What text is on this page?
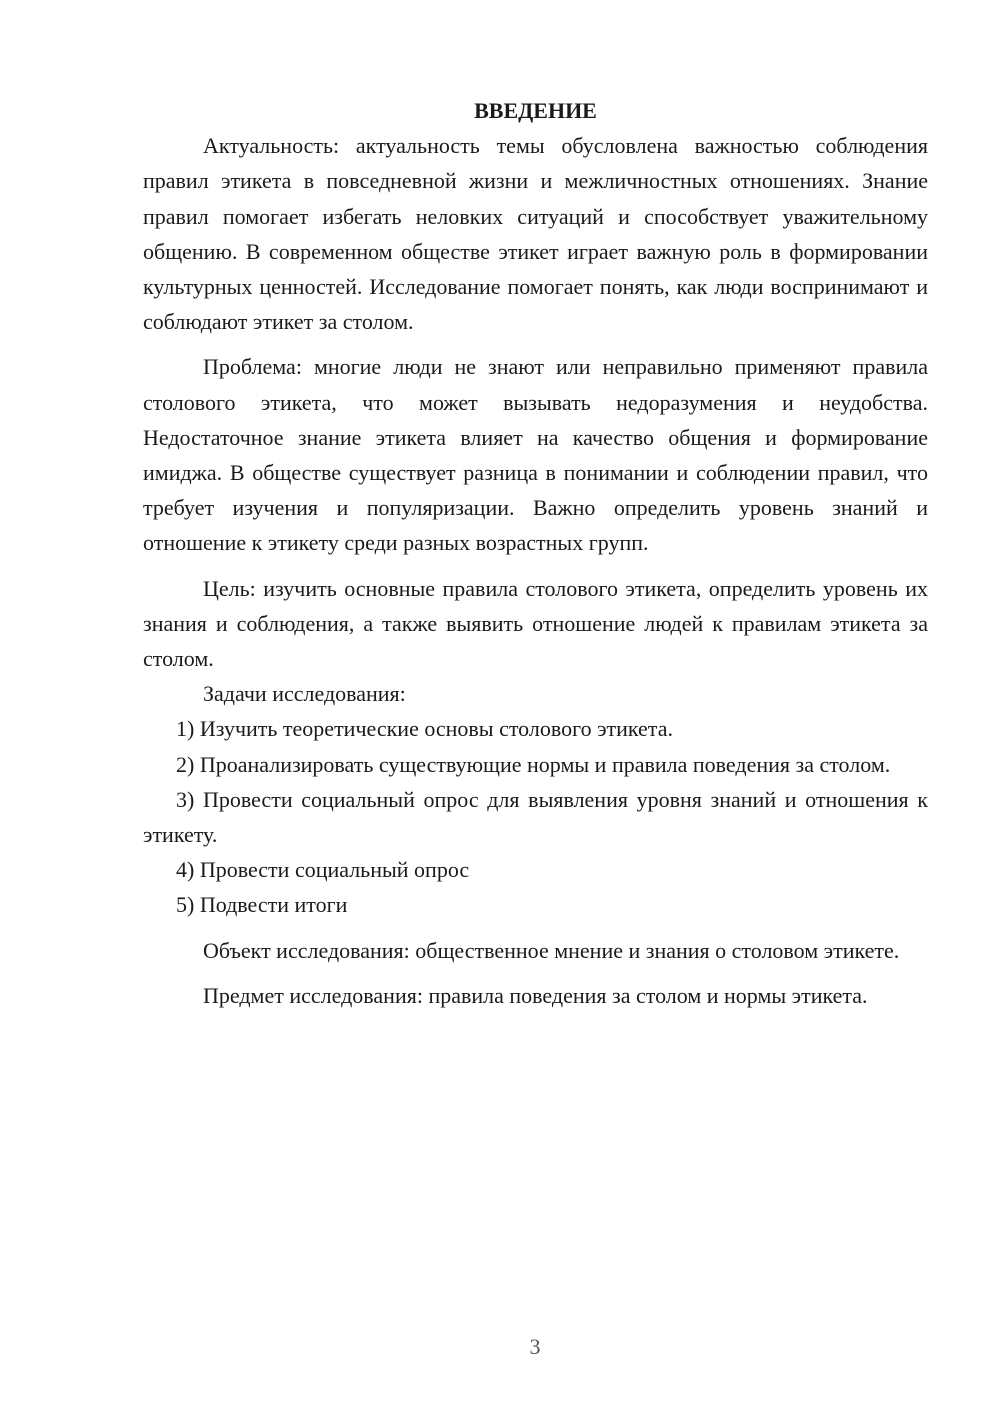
ВВЕДЕНИЕ

Актуальность: актуальность темы обусловлена важностью соблюдения правил этикета в повседневной жизни и межличностных отношениях. Знание правил помогает избегать неловких ситуаций и способствует уважительному общению. В современном обществе этикет играет важную роль в формировании культурных ценностей. Исследование помогает понять, как люди воспринимают и соблюдают этикет за столом.

Проблема: многие люди не знают или неправильно применяют правила столового этикета, что может вызывать недоразумения и неудобства. Недостаточное знание этикета влияет на качество общения и формирование имиджа. В обществе существует разница в понимании и соблюдении правил, что требует изучения и популяризации. Важно определить уровень знаний и отношение к этикету среди разных возрастных групп.

Цель: изучить основные правила столового этикета, определить уровень их знания и соблюдения, а также выявить отношение людей к правилам этикета за столом.

Задачи исследования:

1) Изучить теоретические основы столового этикета.

2) Проанализировать существующие нормы и правила поведения за столом.

3) Провести социальный опрос для выявления уровня знаний и отношения к этикету.

4) Провести социальный опрос

5) Подвести итоги

Объект исследования: общественное мнение и знания о столовом этикете.

Предмет исследования: правила поведения за столом и нормы этикета.

3
